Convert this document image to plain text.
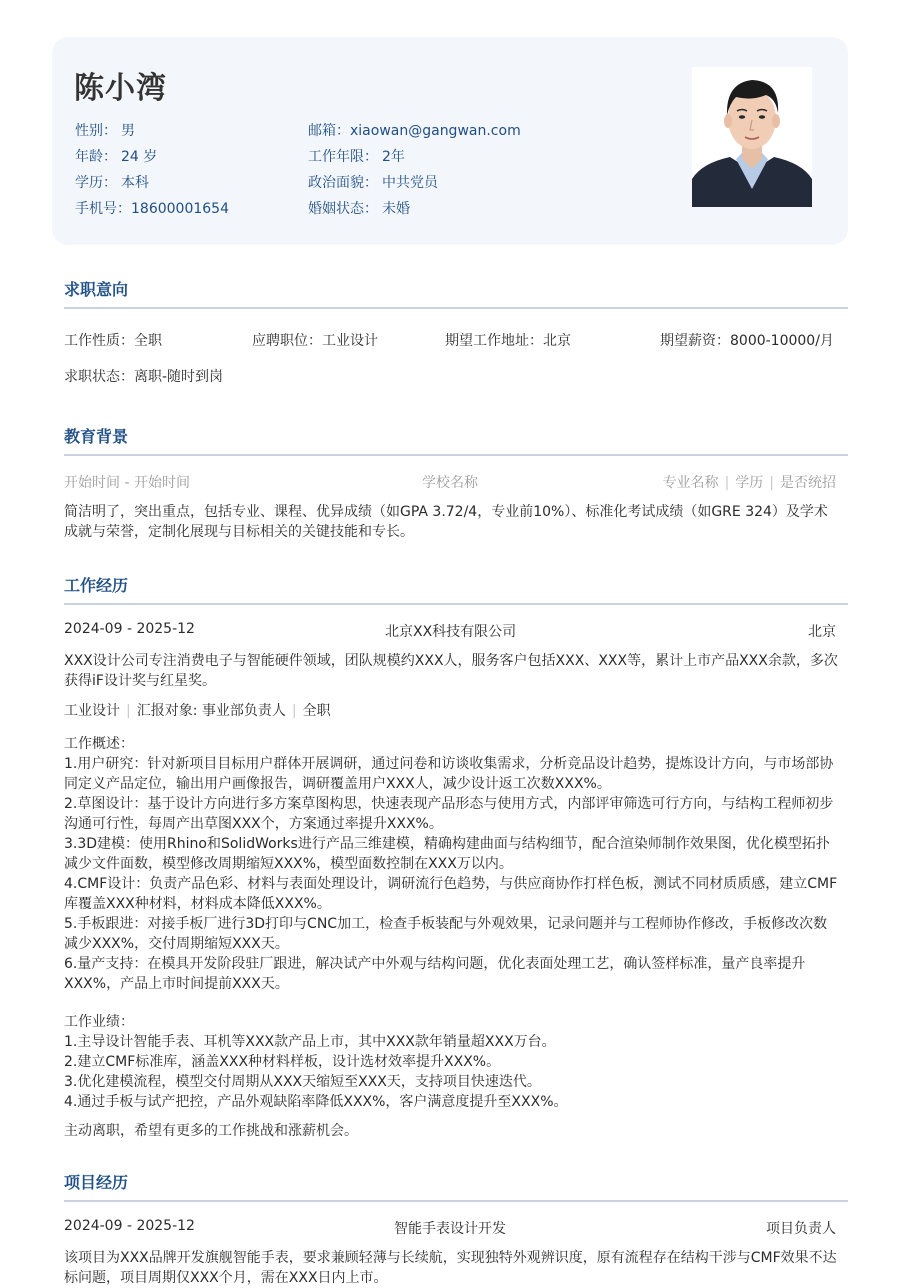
陈小湾
性别： 男
年龄： 24 岁
学历： 本科
手机号：18600001654
邮箱：xiaowan@gangwan.com
工作年限： 2年
政治面貌： 中共党员
婚姻状态： 未婚
求职意向
工作性质：全职	应聘职位：工业设计	期望工作地址：北京	期望薪资：8000-10000/月
求职状态：离职-随时到岗
教育背景
开始时间 - 开始时间	学校名称	专业名称 | 学历 | 是否统招
简洁明了，突出重点，包括专业、课程、优异成绩（如GPA 3.72/4，专业前10%）、标准化考试成绩（如GRE 324）及学术成就与荣誉，定制化展现与目标相关的关键技能和专长。
工作经历
2024-09 - 2025-12	北京XX科技有限公司	北京
XXX设计公司专注消费电子与智能硬件领域，团队规模约XXX人，服务客户包括XXX、XXX等，累计上市产品XXX余款，多次获得iF设计奖与红星奖。
工业设计 | 汇报对象: 事业部负责人 | 全职
工作概述：
1.用户研究：针对新项目目标用户群体开展调研，通过问卷和访谈收集需求，分析竞品设计趋势，提炼设计方向，与市场部协同定义产品定位，输出用户画像报告，调研覆盖用户XXX人，减少设计返工次数XXX%。
2.草图设计：基于设计方向进行多方案草图构思，快速表现产品形态与使用方式，内部评审筛选可行方向，与结构工程师初步沟通可行性，每周产出草图XXX个，方案通过率提升XXX%。
3.3D建模：使用Rhino和SolidWorks进行产品三维建模，精确构建曲面与结构细节，配合渲染师制作效果图，优化模型拓扑减少文件面数，模型修改周期缩短XXX%，模型面数控制在XXX万以内。
4.CMF设计：负责产品色彩、材料与表面处理设计，调研流行色趋势，与供应商协作打样色板，测试不同材质质感，建立CMF库覆盖XXX种材料，材料成本降低XXX%。
5.手板跟进：对接手板厂进行3D打印与CNC加工，检查手板装配与外观效果，记录问题并与工程师协作修改，手板修改次数减少XXX%，交付周期缩短XXX天。
6.量产支持：在模具开发阶段驻厂跟进，解决试产中外观与结构问题，优化表面处理工艺，确认签样标准，量产良率提升XXX%，产品上市时间提前XXX天。
工作业绩：
1.主导设计智能手表、耳机等XXX款产品上市，其中XXX款年销量超XXX万台。
2.建立CMF标准库，涵盖XXX种材料样板，设计选材效率提升XXX%。
3.优化建模流程，模型交付周期从XXX天缩短至XXX天，支持项目快速迭代。
4.通过手板与试产把控，产品外观缺陷率降低XXX%，客户满意度提升至XXX%。
主动离职，希望有更多的工作挑战和涨薪机会。
项目经历
2024-09 - 2025-12	智能手表设计开发	项目负责人
该项目为XXX品牌开发旗舰智能手表，要求兼顾轻薄与长续航，实现独特外观辨识度，原有流程存在结构干涉与CMF效果不达标问题，项目周期仅XXX个月，需在XXX日内上市。
